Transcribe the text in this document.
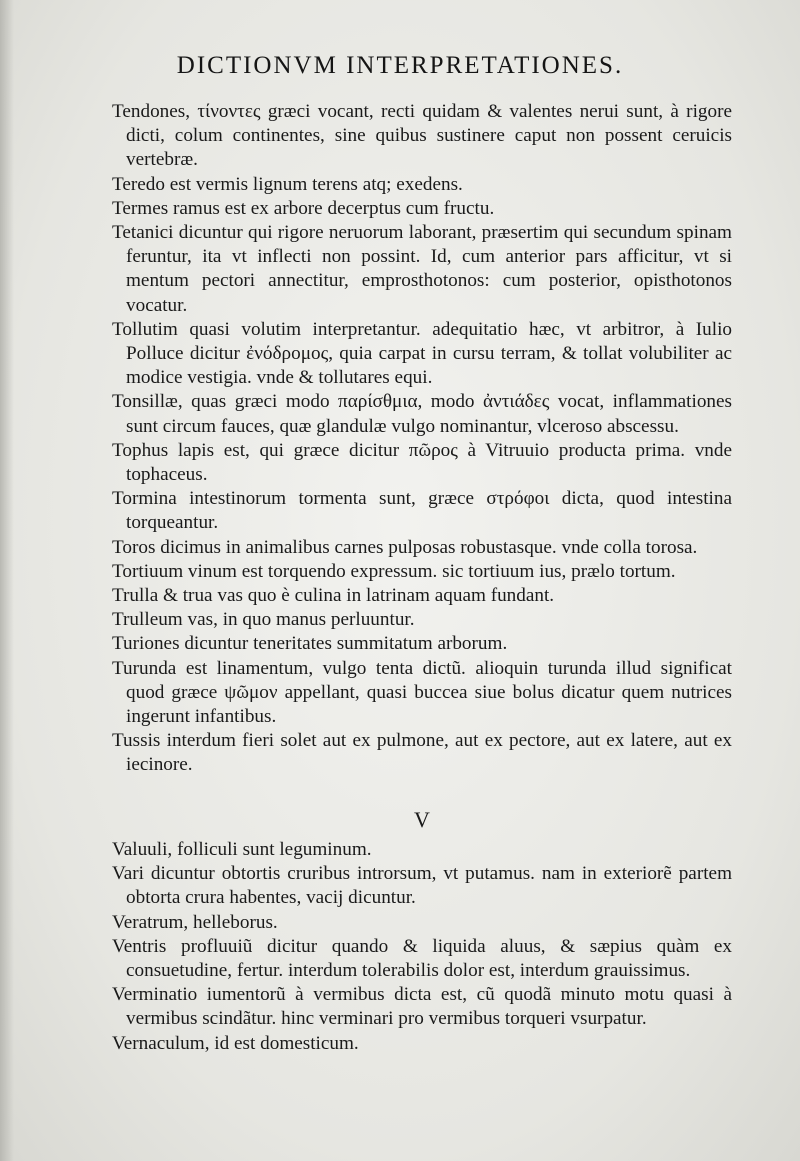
DICTIONVM INTERPRETATIONES.

Tendones, τίνοντες græci vocant, recti quidam & valentes nerui sunt, à rigore dicti, colum continentes, sine quibus sustinere caput non possent ceruicis vertebræ.

Teredo est vermis lignum terens atq; exedens.

Termes ramus est ex arbore decerptus cum fructu.

Tetanici dicuntur qui rigore neruorum laborant, præsertim qui secundum spinam feruntur, ita vt inflecti non possint. Id, cum anterior pars afficitur, vt si mentum pectori annectitur, emprosthotonos: cum posterior, opisthotonos vocatur.

Tollutim quasi volutim interpretantur. adequitatio hæc, vt arbitror, à Iulio Polluce dicitur ἐνόδρομος, quia carpat in cursu terram, & tollat volubiliter ac modice vestigia. vnde & tollutares equi.

Tonsillæ, quas græci modo παρίσθμια, modo ἀντιάδες vocat, inflammationes sunt circum fauces, quæ glandulæ vulgo nominantur, vlceroso abscessu.

Tophus lapis est, qui græce dicitur πῶρος à Vitruuio producta prima. vnde tophaceus.

Tormina intestinorum tormenta sunt, græce στρόφοι dicta, quod intestina torqueantur.

Toros dicimus in animalibus carnes pulposas robustasque. vnde colla torosa.

Tortiuum vinum est torquendo expressum. sic tortiuum ius, prælo tortum.

Trulla & trua vas quo è culina in latrinam aquam fundant.

Trulleum vas, in quo manus perluuntur.

Turiones dicuntur teneritates summitatum arborum.

Turunda est linamentum, vulgo tenta dictũ. alioquin turunda illud significat quod græce ψῶμον appellant, quasi buccea siue bolus dicatur quem nutrices ingerunt infantibus.

Tussis interdum fieri solet aut ex pulmone, aut ex pectore, aut ex latere, aut ex iecinore.

V

Valuuli, folliculi sunt leguminum.

Vari dicuntur obtortis cruribus introrsum, vt putamus. nam in exteriorẽ partem obtorta crura habentes, vacij dicuntur.

Veratrum, helleborus.

Ventris profluuiũ dicitur quando & liquida aluus, & sæpius quàm ex consuetudine, fertur. interdum tolerabilis dolor est, interdum grauissimus.

Verminatio iumentorũ à vermibus dicta est, cũ quodã minuto motu quasi à vermibus scindãtur. hinc verminari pro vermibus torqueri vsurpatur.

Vernaculum, id est domesticum.
